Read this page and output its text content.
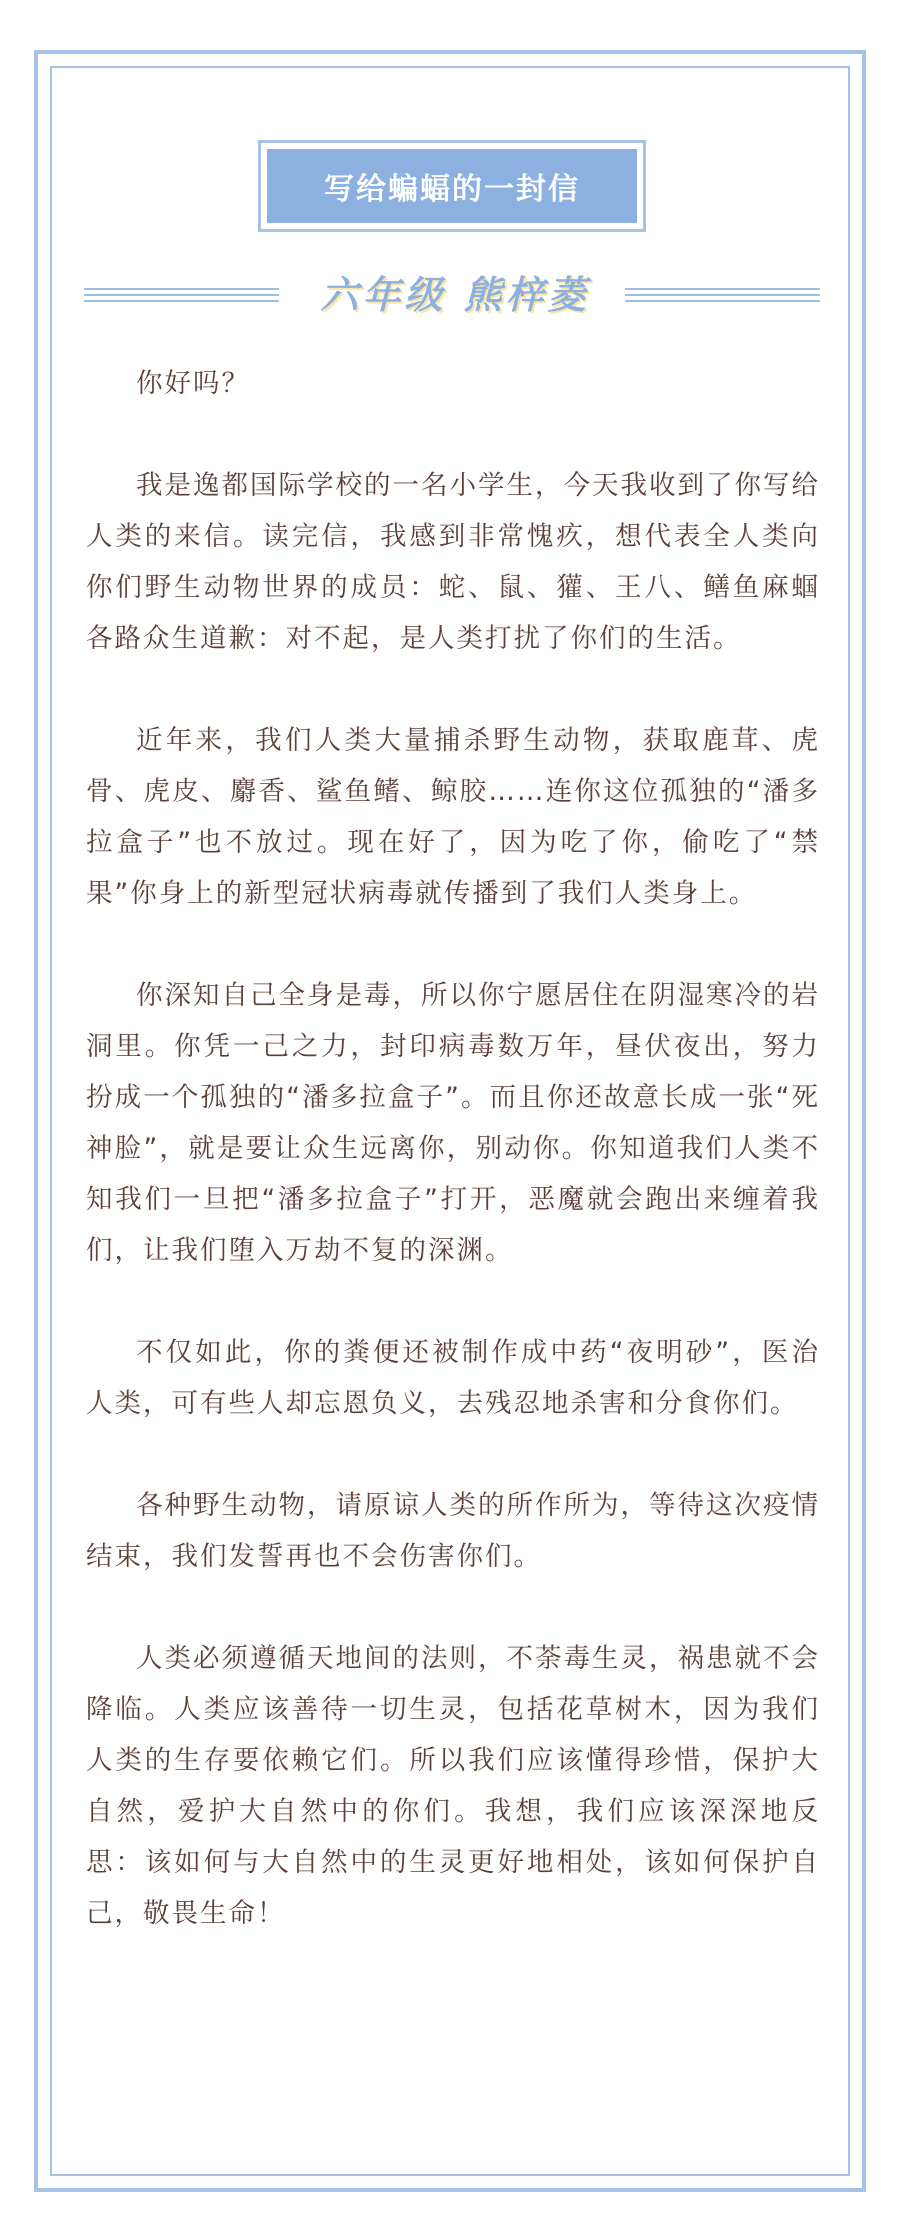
写给蝙蝠的一封信
六年级 熊梓菱

你好吗？

我是逸都国际学校的一名小学生，今天我收到了你写给人类的来信。读完信，我感到非常愧疚，想代表全人类向你们野生动物世界的成员：蛇、鼠、獾、王八、鳝鱼麻蝈各路众生道歉：对不起，是人类打扰了你们的生活。

近年来，我们人类大量捕杀野生动物，获取鹿茸、虎骨、虎皮、麝香、鲨鱼鳍、鲸胶……连你这位孤独的“潘多拉盒子”也不放过。现在好了，因为吃了你，偷吃了“禁果”你身上的新型冠状病毒就传播到了我们人类身上。

你深知自己全身是毒，所以你宁愿居住在阴湿寒冷的岩洞里。你凭一己之力，封印病毒数万年，昼伏夜出，努力扮成一个孤独的“潘多拉盒子”。而且你还故意长成一张“死神脸”，就是要让众生远离你，别动你。你知道我们人类不知我们一旦把“潘多拉盒子”打开，恶魔就会跑出来缠着我们，让我们堕入万劫不复的深渊。

不仅如此，你的粪便还被制作成中药“夜明砂”，医治人类，可有些人却忘恩负义，去残忍地杀害和分食你们。

各种野生动物，请原谅人类的所作所为，等待这次疫情结束，我们发誓再也不会伤害你们。

人类必须遵循天地间的法则，不荼毒生灵，祸患就不会降临。人类应该善待一切生灵，包括花草树木，因为我们人类的生存要依赖它们。所以我们应该懂得珍惜，保护大自然，爱护大自然中的你们。我想，我们应该深深地反思：该如何与大自然中的生灵更好地相处，该如何保护自己，敬畏生命！
